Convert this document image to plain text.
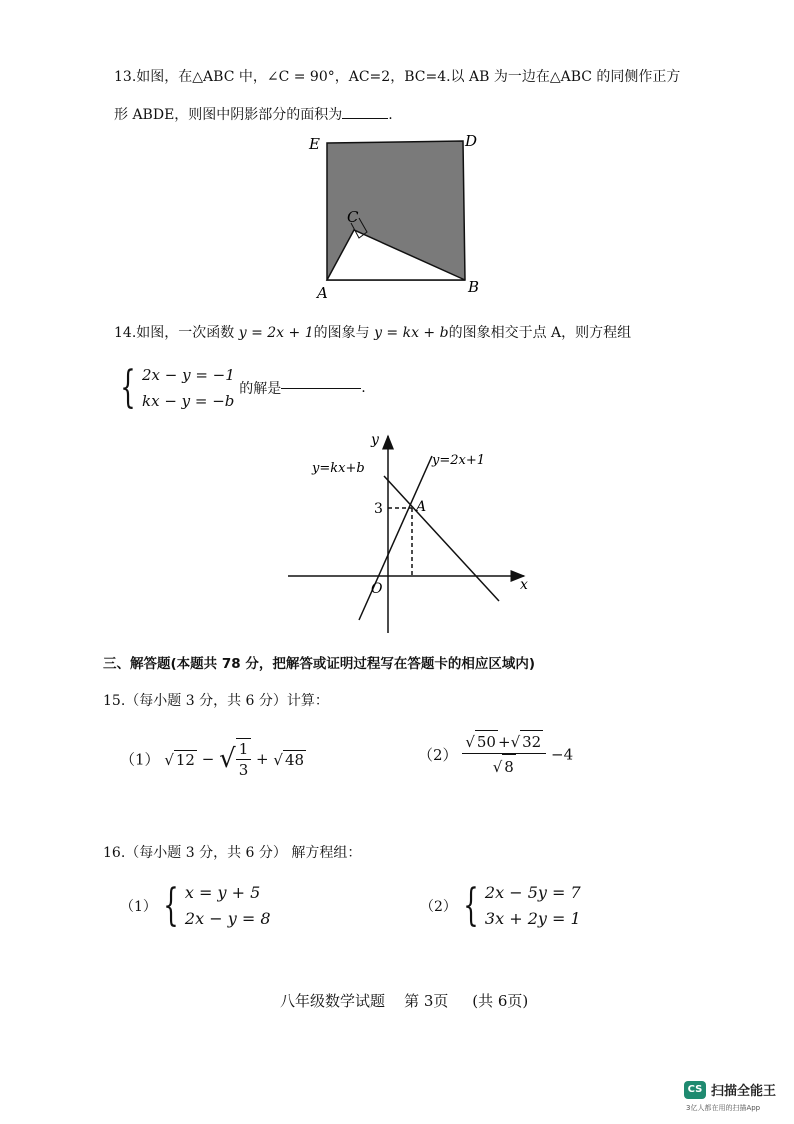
13.如图，在△ABC 中，∠C = 90°，AC=2，BC=4.以 AB 为一边在△ABC 的同侧作正方
形 ABDE，则图中阴影部分的面积为	.
E	D
C
A	B
14.如图，一次函数 y = 2x + 1的图象与 y = kx + b的图象相交于点 A，则方程组
{ 2x − y = −1
kx − y = −b
的解是	.
y
x
O
A
3
y=kx+b
y=2x+1
三、解答题(本题共 78 分，把解答或证明过程写在答题卡的相应区域内)
15.（每小题 3 分，共 6 分）计算：
（1） √ 12 − √ $\frac{1}{3}$ + √ 48	$(2) \frac{√ 50 +√ 32}{√ 8} -4$
16.（每小题 3 分，共 6 分） 解方程组：
（1） { x = y + 5
2x − y = 8
（2） { 2x − 5y = 7
3x + 2y = 1
八年级数学试题    第 3页     (共 6页)
CS 扫描全能王
3亿人都在用的扫描App
